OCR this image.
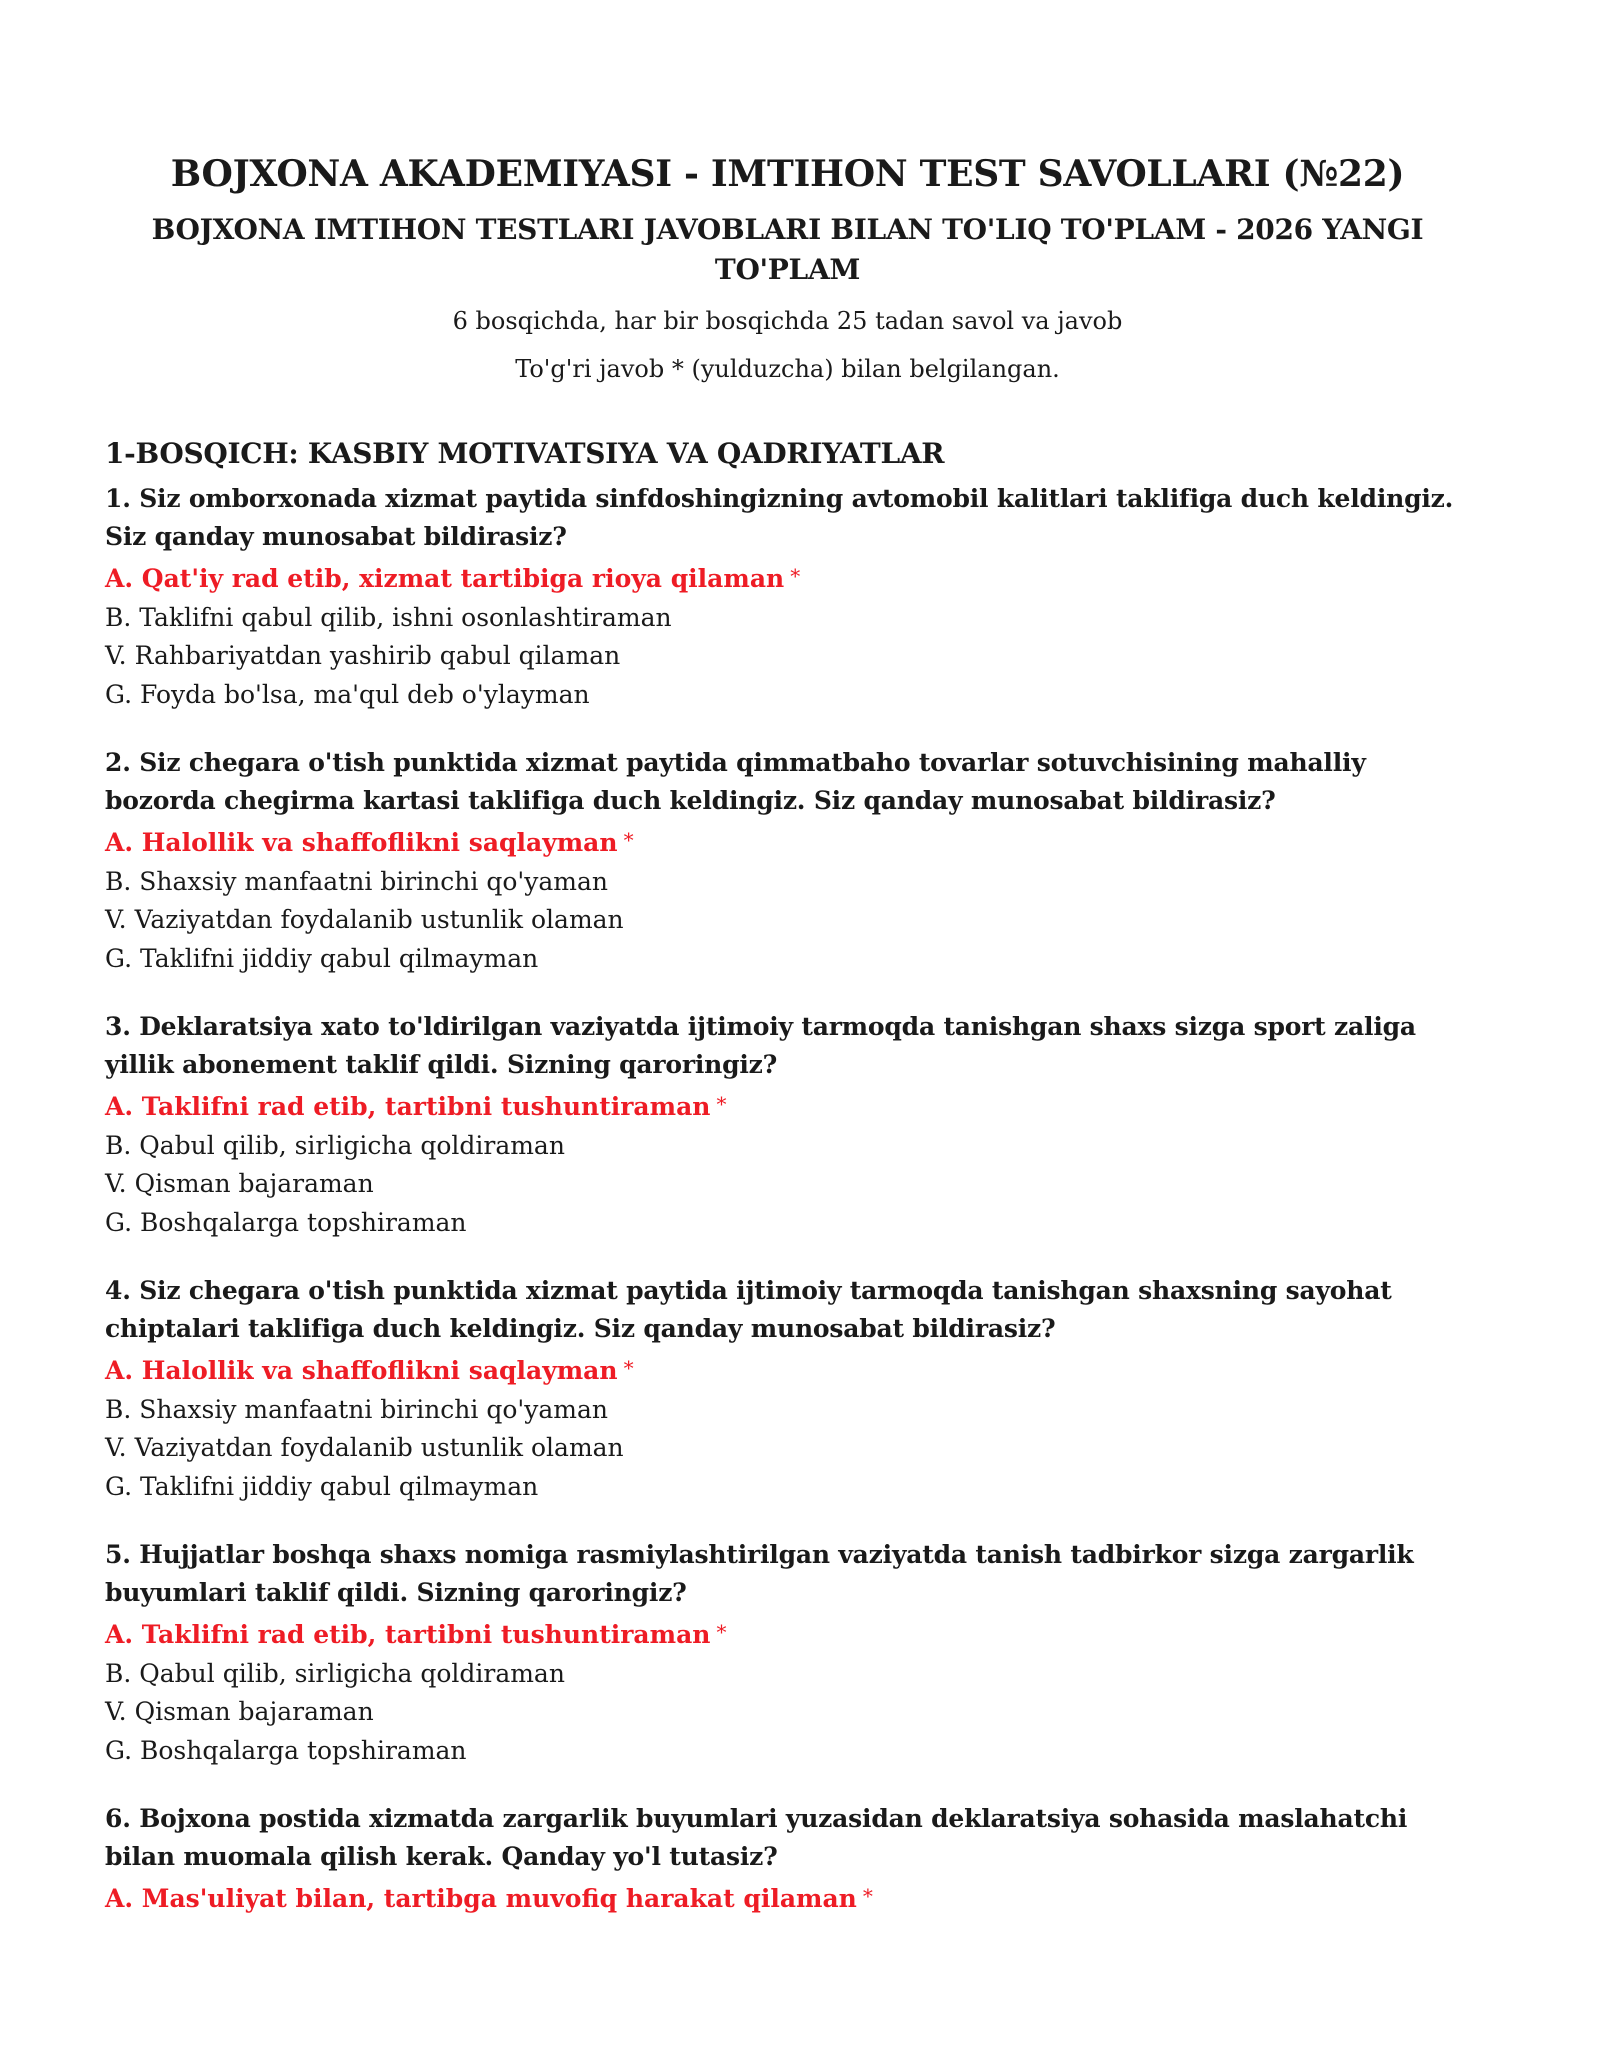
BOJXONA AKADEMIYASI - IMTIHON TEST SAVOLLARI (№22)
BOJXONA IMTIHON TESTLARI JAVOBLARI BILAN TO'LIQ TO'PLAM - 2026 YANGI TO'PLAM

6 bosqichda, har bir bosqichda 25 tadan savol va javob

To'g'ri javob * (yulduzcha) bilan belgilangan.

1-BOSQICH: KASBIY MOTIVATSIYA VA QADRIYATLAR

1. Siz omborxonada xizmat paytida sinfdoshingizning avtomobil kalitlari taklifiga duch keldingiz. Siz qanday munosabat bildirasiz?

A. Qat'iy rad etib, xizmat tartibiga rioya qilaman *
B. Taklifni qabul qilib, ishni osonlashtiraman
V. Rahbariyatdan yashirib qabul qilaman
G. Foyda bo'lsa, ma'qul deb o'ylayman

2. Siz chegara o'tish punktida xizmat paytida qimmatbaho tovarlar sotuvchisining mahalliy bozorda chegirma kartasi taklifiga duch keldingiz. Siz qanday munosabat bildirasiz?

A. Halollik va shaffoflikni saqlayman *
B. Shaxsiy manfaatni birinchi qo'yaman
V. Vaziyatdan foydalanib ustunlik olaman
G. Taklifni jiddiy qabul qilmayman

3. Deklaratsiya xato to'ldirilgan vaziyatda ijtimoiy tarmoqda tanishgan shaxs sizga sport zaliga yillik abonement taklif qildi. Sizning qaroringiz?

A. Taklifni rad etib, tartibni tushuntiraman *
B. Qabul qilib, sirligicha qoldiraman
V. Qisman bajaraman
G. Boshqalarga topshiraman

4. Siz chegara o'tish punktida xizmat paytida ijtimoiy tarmoqda tanishgan shaxsning sayohat chiptalari taklifiga duch keldingiz. Siz qanday munosabat bildirasiz?

A. Halollik va shaffoflikni saqlayman *
B. Shaxsiy manfaatni birinchi qo'yaman
V. Vaziyatdan foydalanib ustunlik olaman
G. Taklifni jiddiy qabul qilmayman

5. Hujjatlar boshqa shaxs nomiga rasmiylashtirilgan vaziyatda tanish tadbirkor sizga zargarlik buyumlari taklif qildi. Sizning qaroringiz?

A. Taklifni rad etib, tartibni tushuntiraman *
B. Qabul qilib, sirligicha qoldiraman
V. Qisman bajaraman
G. Boshqalarga topshiraman

6. Bojxona postida xizmatda zargarlik buyumlari yuzasidan deklaratsiya sohasida maslahatchi bilan muomala qilish kerak. Qanday yo'l tutasiz?

A. Mas'uliyat bilan, tartibga muvofiq harakat qilaman *
